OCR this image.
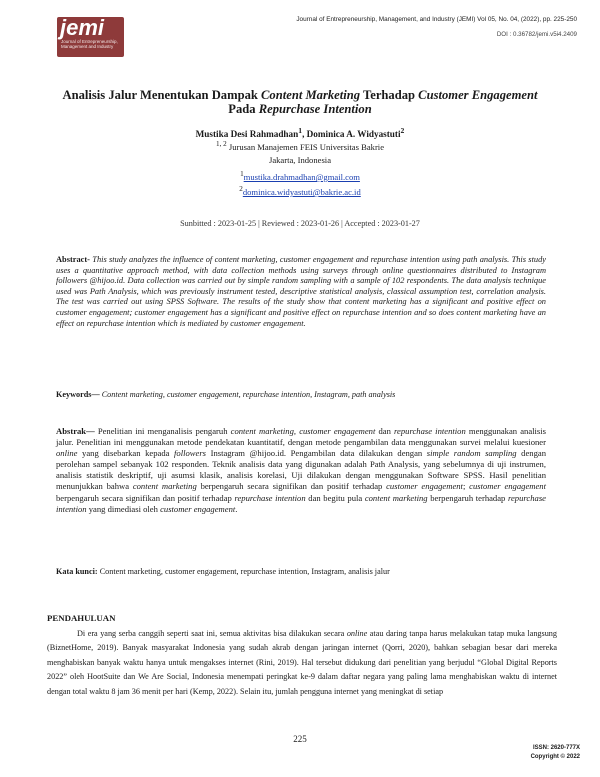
jemi
Journal of Entrepreneurship, Management and Industry
Journal of Entrepreneurship, Management, and Industry (JEMI) Vol 05, No. 04, (2022), pp. 225-250
DOI : 0.36782/jemi.v5i4.2409
Analisis Jalur Menentukan Dampak Content Marketing Terhadap Customer Engagement
Pada Repurchase Intention
Mustika Desi Rahmadhan$^1$, Dominica A. Widyastuti$^2$
$^{1, 2}$ Jurusan Manajemen FEIS Universitas Bakrie
Jakarta, Indonesia
$^1$mustika.drahmadhan@gmail.com
$^2$dominica.widyastuti@bakrie.ac.id
Sunbitted : 2023-01-25 | Reviewed : 2023-01-26 | Accepted : 2023-01-27
Abstract- This study analyzes the influence of content marketing, customer engagement and repurchase intention using path analysis. This study uses a quantitative approach method, with data collection methods using surveys through online questionnaires distributed to Instagram followers @hijoo.id. Data collection was carried out by simple random sampling with a sample of 102 respondents. The data analysis technique used was Path Analysis, which was previously instrument tested, descriptive statistical analysis, classical assumption test, correlation analysis. The test was carried out using SPSS Software. The results of the study show that content marketing has a significant and positive effect on customer engagement; customer engagement has a significant and positive effect on repurchase intention and so does content marketing have an effect on repurchase intention which is mediated by customer engagement.
Keywords— Content marketing, customer engagement, repurchase intention, Instagram, path analysis
Abstrak— Penelitian ini menganalisis pengaruh content marketing, customer engagement dan repurchase intention menggunakan analisis jalur. Penelitian ini menggunakan metode pendekatan kuantitatif, dengan metode pengambilan data menggunakan survei melalui kuesioner online yang disebarkan kepada followers Instagram @hijoo.id. Pengambilan data dilakukan dengan simple random sampling dengan perolehan sampel sebanyak 102 responden. Teknik analisis data yang digunakan adalah Path Analysis, yang sebelumnya di uji instrumen, analisis statistik deskriptif, uji asumsi klasik, analisis korelasi, Uji dilakukan dengan menggunakan Software SPSS. Hasil penelitian menunjukkan bahwa content marketing berpengaruh secara signifikan dan positif terhadap customer engagement; customer engagement berpengaruh secara signifikan dan positif terhadap repurchase intention dan begitu pula content marketing berpengaruh terhadap repurchase intention yang dimediasi oleh customer engagement.
Kata kunci: Content marketing, customer engagement, repurchase intention, Instagram, analisis jalur
PENDAHULUAN
Di era yang serba canggih seperti saat ini, semua aktivitas bisa dilakukan secara online atau daring tanpa harus melakukan tatap muka langsung (BiznetHome, 2019). Banyak masyarakat Indonesia yang sudah akrab dengan jaringan internet (Qorri, 2020), bahkan sebagian besar dari mereka menghabiskan banyak waktu hanya untuk mengakses internet (Rini, 2019). Hal tersebut didukung dari penelitian yang berjudul “Global Digital Reports 2022” oleh HootSuite dan We Are Social, Indonesia menempati peringkat ke-9 dalam daftar negara yang paling lama menghabiskan waktu di internet dengan total waktu 8 jam 36 menit per hari (Kemp, 2022). Selain itu, jumlah pengguna internet yang meningkat di setiap
225
ISSN: 2620-777X
Copyright © 2022
